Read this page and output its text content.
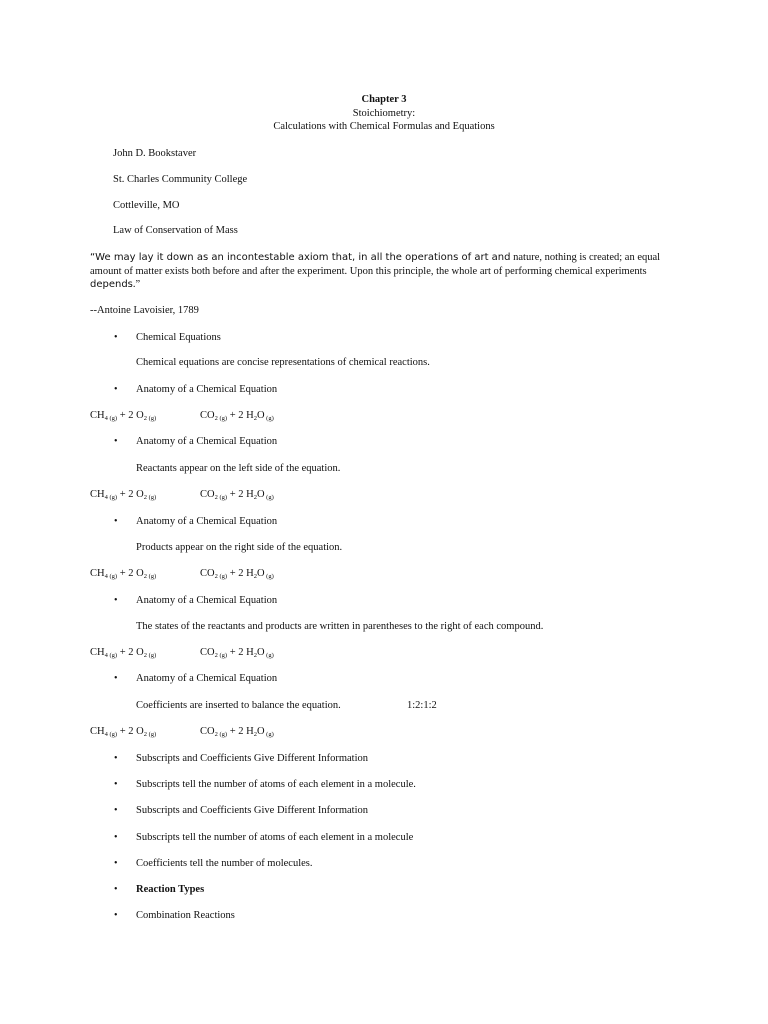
Chapter 3
Stoichiometry:
Calculations with Chemical Formulas and Equations
John D. Bookstaver
St. Charles Community College
Cottleville, MO
Law of Conservation of Mass
“We may lay it down as an incontestable axiom that, in all the operations of art and nature, nothing is created; an equal amount of matter exists both before and after the experiment. Upon this principle, the whole art of performing chemical experiments depends.”
--Antoine Lavoisier, 1789
• Chemical Equations
Chemical equations are concise representations of chemical reactions.
• Anatomy of a Chemical Equation
$CH_4$ $_{(g)}$ + 2 $O_2$ $_{(g)}$	$CO_2$ $_{(g)}$ + 2 $H_2O$ $_{(g)}$
• Anatomy of a Chemical Equation
Reactants appear on the left side of the equation.
$CH_4$ $_{(g)}$ + 2 $O_2$ $_{(g)}$	$CO_2$ $_{(g)}$ + 2 $H_2O$ $_{(g)}$
• Anatomy of a Chemical Equation
Products appear on the right side of the equation.
$CH_4$ $_{(g)}$ + 2 $O_2$ $_{(g)}$	$CO_2$ $_{(g)}$ + 2 $H_2O$ $_{(g)}$
• Anatomy of a Chemical Equation
The states of the reactants and products are written in parentheses to the right of each compound.
$CH_4$ $_{(g)}$ + 2 $O_2$ $_{(g)}$	$CO_2$ $_{(g)}$ + 2 $H_2O$ $_{(g)}$
• Anatomy of a Chemical Equation
Coefficients are inserted to balance the equation.	1:2:1:2
$CH_4$ $_{(g)}$ + 2 $O_2$ $_{(g)}$	$CO_2$ $_{(g)}$ + 2 $H_2O$ $_{(g)}$
• Subscripts and Coefficients Give Different Information
• Subscripts tell the number of atoms of each element in a molecule.
• Subscripts and Coefficients Give Different Information
• Subscripts tell the number of atoms of each element in a molecule
• Coefficients tell the number of molecules.
• Reaction Types
• Combination Reactions
